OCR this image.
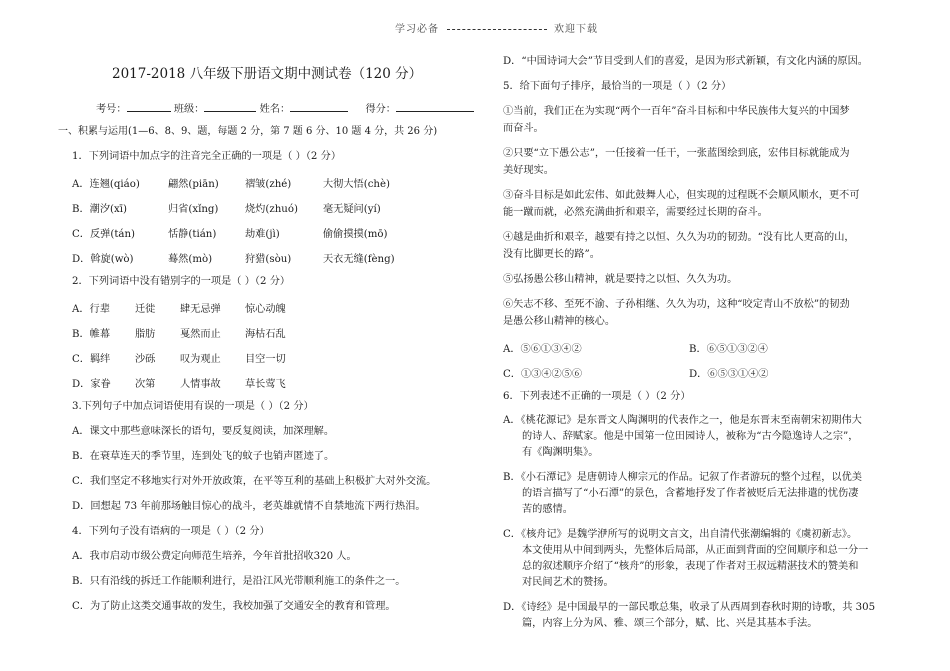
学习必备	欢迎下载
2017-2018 八年级下册语文期中测试卷（120 分）
考号：	班级：	姓名：	得分：
一、积累与运用(1—6、8、9、题，每题 2 分，第 7 题 6 分、10 题 4 分，共 26 分)
1．下列词语中加点字的注音完全正确的一项是（ ）（2 分）
A．连翘(qiáo)	翩然(piān)	褶皱(zhé)	大彻大悟(chè)
B．潮汐(xī)	归省(xǐng)	烧灼(zhuó) 毫无疑问(yí)
C．反弹(tán)	恬静(tián)	劫难(jì)	偷偷摸摸(mō)
D．斡旋(wò)	蓦然(mò)	狩猎(sòu)	天衣无缝(fèng)
2．下列词语中没有错别字的一项是（ ）（2 分）
A．行辈 迁徙 肆无忌弹 惊心动魄
B．帷幕 脂肪 戛然而止 海枯石乱
C．羁绊 沙砾 叹为观止 目空一切
D．家眷 次第 人情事故 草长莺飞
3.下列句子中加点词语使用有误的一项是（ ）（2 分）
A．课文中那些意味深长的语句，要反复阅读，加深理解。
B．在衰草连天的季节里，连到处飞的蚊子也销声匿迹了。
C．我们坚定不移地实行对外开放政策，在平等互利的基础上积极扩大对外交流。
D．回想起 73 年前那场触目惊心的战斗，老英雄就情不自禁地流下两行热泪。
4．下列句子没有语病的一项是（ ）（2 分）
A．我市启动市级公费定向师范生培养，今年首批招收320 人。
B．只有沿线的拆迁工作能顺利进行，是沿江风光带顺利施工的条件之一。
C．为了防止这类交通事故的发生，我校加强了交通安全的教育和管理。
D．“中国诗词大会”节目受到人们的喜爱，是因为形式新颖，有文化内涵的原因。
5．给下面句子排序，最恰当的一项是（ ）（2 分）
①当前，我们正在为实现“两个一百年”奋斗目标和中华民族伟大复兴的中国梦
而奋斗。
②只要“立下愚公志”，一任接着一任干，一张蓝图绘到底，宏伟目标就能成为
美好现实。
③奋斗目标是如此宏伟、如此鼓舞人心，但实现的过程既不会顺风顺水，更不可
能一蹴而就，必然充满曲折和艰辛，需要经过长期的奋斗。
④越是曲折和艰辛，越要有持之以恒、久久为功的韧劲。“没有比人更高的山，
没有比脚更长的路”。
⑤弘扬愚公移山精神，就是要持之以恒、久久为功。
⑥矢志不移、至死不渝、子孙相继、久久为功，这种“咬定青山不放松”的韧劲
是愚公移山精神的核心。
A．⑤⑥①③④②	B．⑥⑤①③②④
C．①③④②⑤⑥	D．⑥⑤③①④②
6．下列表述不正确的一项是（ ）（2 分）
A．《桃花源记》是东晋文人陶渊明的代表作之一，他是东晋末至南朝宋初期伟大
的诗人、辞赋家。他是中国第一位田园诗人，被称为“古今隐逸诗人之宗”，
有《陶渊明集》。
B．《小石潭记》是唐朝诗人柳宗元的作品。记叙了作者游玩的整个过程，以优美
的语言描写了“小石潭”的景色，含蓄地抒发了作者被贬后无法排遣的忧伤凄
苦的感情。
C．《核舟记》是魏学洢所写的说明文言文，出自清代张潮编辑的《虞初新志》。
本文使用从中间到两头，先整体后局部，从正面到背面的空间顺序和总一分一
总的叙述顺序介绍了“核舟”的形象，表现了作者对王叔远精湛技术的赞美和
对民间艺术的赞扬。
D．《诗经》是中国最早的一部民歌总集，收录了从西周到春秋时期的诗歌，共 305
篇，内容上分为风、雅、颂三个部分，赋、比、兴是其基本手法。
